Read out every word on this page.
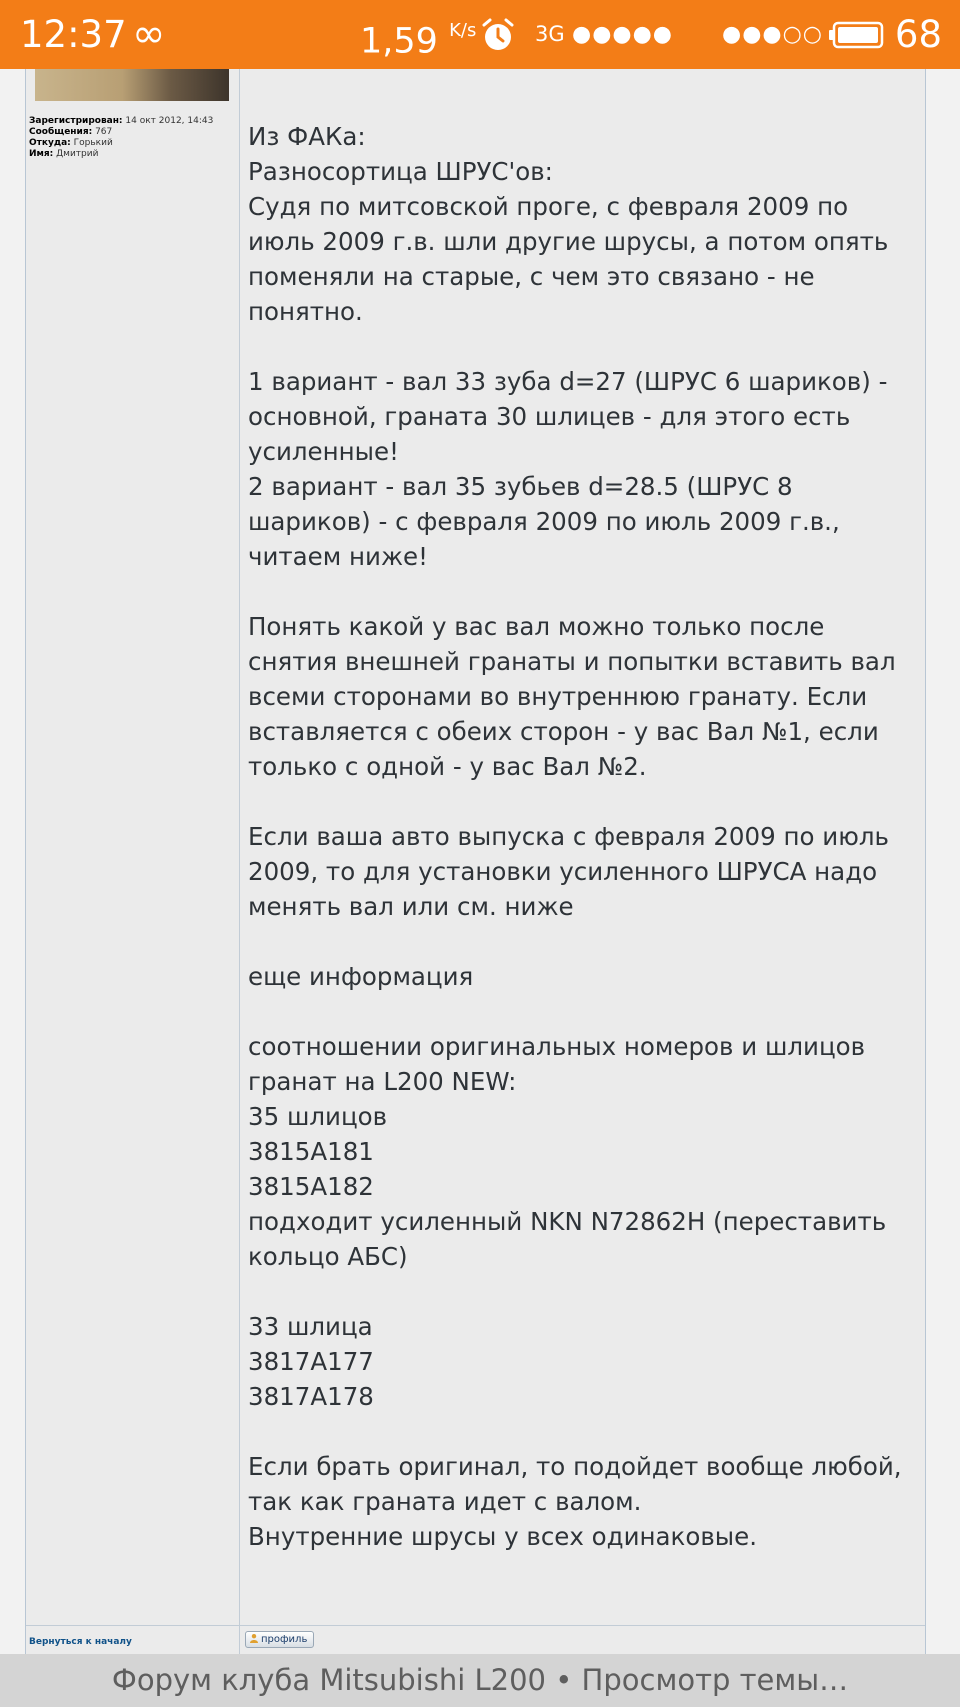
12:37 ∞	1,59 $^{K/s}$	3G ●●●●● ●●●○○ 68
Зарегистрирован: 14 окт 2012, 14:43
Сообщения: 767
Откуда: Горький
Имя: Дмитрий

Из ФАКа:

Разносортица ШРУС'ов:

Судя по митсовской проге, с февраля 2009 по

июль 2009 г.в. шли другие шрусы, а потом опять

поменяли на старые, с чем это связано - не

понятно.

1 вариант - вал 33 зуба d=27 (ШРУС 6 шариков) -

основной, граната 30 шлицев - для этого есть

усиленные!

2 вариант - вал 35 зубьев d=28.5 (ШРУС 8

шариков) - с февраля 2009 по июль 2009 г.в.,

читаем ниже!

Понять какой у вас вал можно только после

снятия внешней гранаты и попытки вставить вал

всеми сторонами во внутреннюю гранату. Если

вставляется с обеих сторон - у вас Вал №1, если

только с одной - у вас Вал №2.

Если ваша авто выпуска с февраля 2009 по июль

2009, то для установки усиленного ШРУСА надо

менять вал или см. ниже

еще информация

соотношении оригинальных номеров и шлицов

гранат на L200 NEW:

35 шлицов

3815A181

3815A182

подходит усиленный NKN N72862H (переставить

кольцо АБС)

33 шлица

3817A177

3817A178

Если брать оригинал, то подойдет вообще любой,

так как граната идет с валом.

Внутренние шрусы у всех одинаковые.

Вернуться к началу	профиль
Форум клуба Mitsubishi L200 • Просмотр темы…
